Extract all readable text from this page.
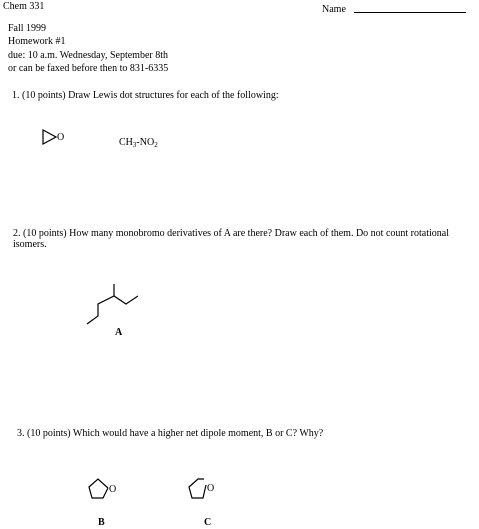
Chem 331	Name
Fall 1999
Homework #1
due: 10 a.m. Wednesday, September 8th
or can be faxed before then to 831-6335
1. (10 points) Draw Lewis dot structures for each of the following:
O	$CH_3-NO_2$
2. (10 points) How many monobromo derivatives of A are there? Draw each of them. Do not count rotational isomers.
A
3. (10 points) Which would have a higher net dipole moment, B or C? Why?
O
B
O
C
